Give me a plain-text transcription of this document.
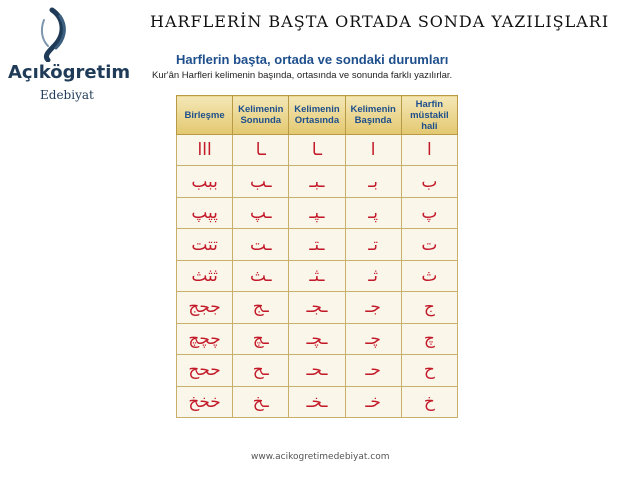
HARFLERİN BAŞTA ORTADA SONDA YAZILIŞLARI
Açıkögretim
Edebiyat
Harflerin başta, ortada ve sondaki durumları
Kur'ân Harfleri kelimenin başında, ortasında ve sonunda farklı yazılırlar.
Birleşme	Kelimenin Sonunda	Kelimenin Ortasında	Kelimenin Başında	Harfin müstakil hali
ااا	ـا	ـا	ا	ا
ببب	ـب	ـبـ	بـ	ب
پپپ	ـپ	ـپـ	پـ	پ
تتت	ـت	ـتـ	تـ	ت
ثثث	ـث	ـثـ	ثـ	ث
ججج	ـج	ـجـ	جـ	ج
چچچ	ـچ	ـچـ	چـ	چ
ححح	ـح	ـحـ	حـ	ح
خخخ	ـخ	ـخـ	خـ	خ
www.acikogretimedebiyat.com
